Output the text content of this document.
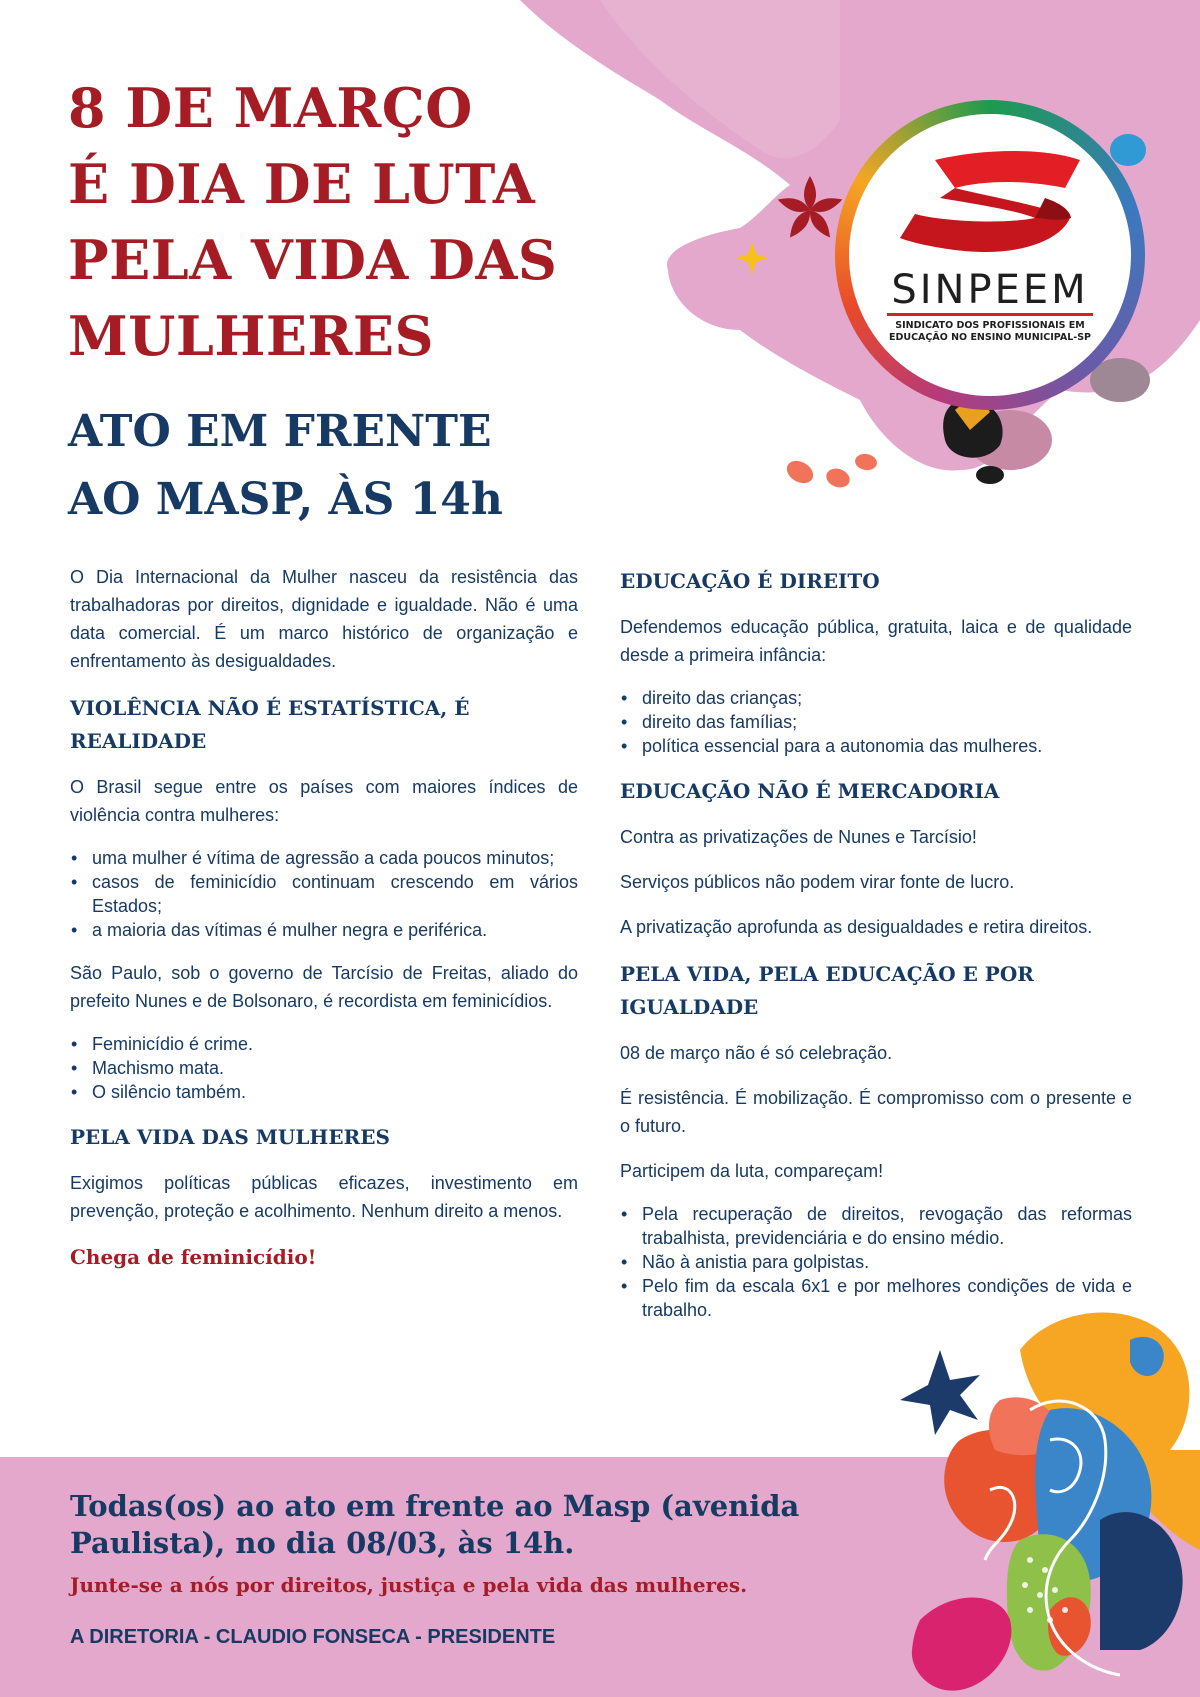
SINPEEM
SINDICATO DOS PROFISSIONAIS EM
EDUCAÇÃO NO ENSINO MUNICIPAL-SP
8 DE MARÇO
É DIA DE LUTA
PELA VIDA DAS
MULHERES
ATO EM FRENTE
AO MASP, ÀS 14h

O Dia Internacional da Mulher nasceu da resistência das trabalhadoras por direitos, dignidade e igualdade. Não é uma data comercial. É um marco histórico de organização e enfrentamento às desigualdades.

VIOLÊNCIA NÃO É ESTATÍSTICA, É REALIDADE

O Brasil segue entre os países com maiores índices de violência contra mulheres:

• uma mulher é vítima de agressão a cada poucos minutos;
• casos de feminicídio continuam crescendo em vários Estados;
• a maioria das vítimas é mulher negra e periférica.

São Paulo, sob o governo de Tarcísio de Freitas, aliado do prefeito Nunes e de Bolsonaro, é recordista em feminicídios.

• Feminicídio é crime.
• Machismo mata.
• O silêncio também.
PELA VIDA DAS MULHERES

Exigimos políticas públicas eficazes, investimento em prevenção, proteção e acolhimento. Nenhum direito a menos.

Chega de feminicídio!

EDUCAÇÃO É DIREITO

Defendemos educação pública, gratuita, laica e de qualidade desde a primeira infância:

• direito das crianças;
• direito das famílias;
• política essencial para a autonomia das mulheres.
EDUCAÇÃO NÃO É MERCADORIA

Contra as privatizações de Nunes e Tarcísio!

Serviços públicos não podem virar fonte de lucro.

A privatização aprofunda as desigualdades e retira direitos.

PELA VIDA, PELA EDUCAÇÃO E POR IGUALDADE

08 de março não é só celebração.

É resistência. É mobilização. É compromisso com o presente e o futuro.

Participem da luta, compareçam!

• Pela recuperação de direitos, revogação das reformas trabalhista, previdenciária e do ensino médio.
• Não à anistia para golpistas.
• Pelo fim da escala 6x1 e por melhores condições de vida e trabalho.

Todas(os) ao ato em frente ao Masp (avenida Paulista), no dia 08/03, às 14h.

Junte-se a nós por direitos, justiça e pela vida das mulheres.

A DIRETORIA - CLAUDIO FONSECA - PRESIDENTE
